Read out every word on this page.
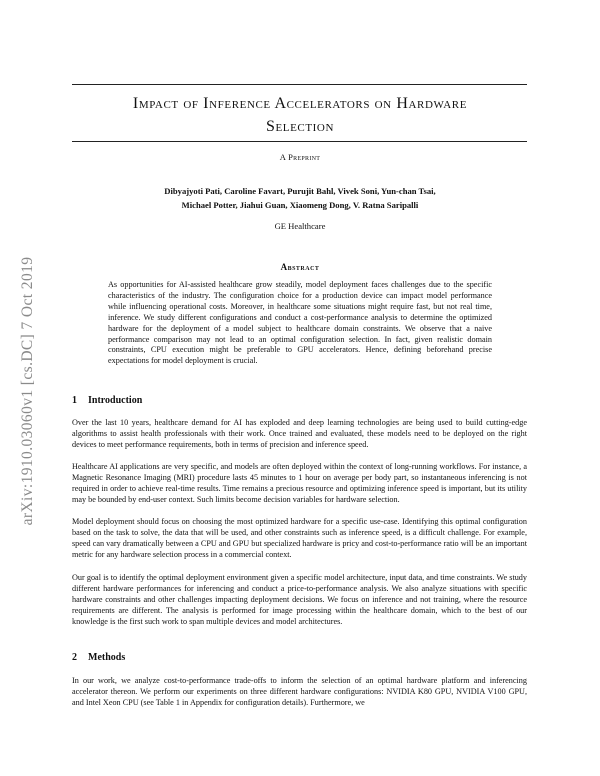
Impact of Inference Accelerators on Hardware
Selection
A Preprint
Dibyajyoti Pati, Caroline Favart, Purujit Bahl, Vivek Soni, Yun-chan Tsai,
Michael Potter, Jiahui Guan, Xiaomeng Dong, V. Ratna Saripalli
GE Healthcare
Abstract

As opportunities for AI-assisted healthcare grow steadily, model deployment faces challenges due to the specific characteristics of the industry. The configuration choice for a production device can impact model performance while influencing operational costs. Moreover, in healthcare some situations might require fast, but not real time, inference. We study different configurations and conduct a cost-performance analysis to determine the optimized hardware for the deployment of a model subject to healthcare domain constraints. We observe that a naive performance comparison may not lead to an optimal configuration selection. In fact, given realistic domain constraints, CPU execution might be preferable to GPU accelerators. Hence, defining beforehand precise expectations for model deployment is crucial.

1 Introduction

Over the last 10 years, healthcare demand for AI has exploded and deep learning technologies are being used to build cutting-edge algorithms to assist health professionals with their work. Once trained and evaluated, these models need to be deployed on the right devices to meet performance requirements, both in terms of precision and inference speed.

Healthcare AI applications are very specific, and models are often deployed within the context of long-running workflows. For instance, a Magnetic Resonance Imaging (MRI) procedure lasts 45 minutes to 1 hour on average per body part, so instantaneous inferencing is not required in order to achieve real-time results. Time remains a precious resource and optimizing inference speed is important, but its utility may be bounded by end-user context. Such limits become decision variables for hardware selection.

Model deployment should focus on choosing the most optimized hardware for a specific use-case. Identifying this optimal configuration based on the task to solve, the data that will be used, and other constraints such as inference speed, is a difficult challenge. For example, speed can vary dramatically between a CPU and GPU but specialized hardware is pricy and cost-to-performance ratio will be an important metric for any hardware selection process in a commercial context.

Our goal is to identify the optimal deployment environment given a specific model architecture, input data, and time constraints. We study different hardware performances for inferencing and conduct a price-to-performance analysis. We also analyze situations with specific hardware constraints and other challenges impacting deployment decisions. We focus on inference and not training, where the resource requirements are different. The analysis is performed for image processing within the healthcare domain, which to the best of our knowledge is the first such work to span multiple devices and model architectures.

2 Methods

In our work, we analyze cost-to-performance trade-offs to inform the selection of an optimal hardware platform and inferencing accelerator thereon. We perform our experiments on three different hardware configurations: NVIDIA K80 GPU, NVIDIA V100 GPU, and Intel Xeon CPU (see Table 1 in Appendix for configuration details). Furthermore, we

arXiv:1910.03060v1 [cs.DC] 7 Oct 2019
